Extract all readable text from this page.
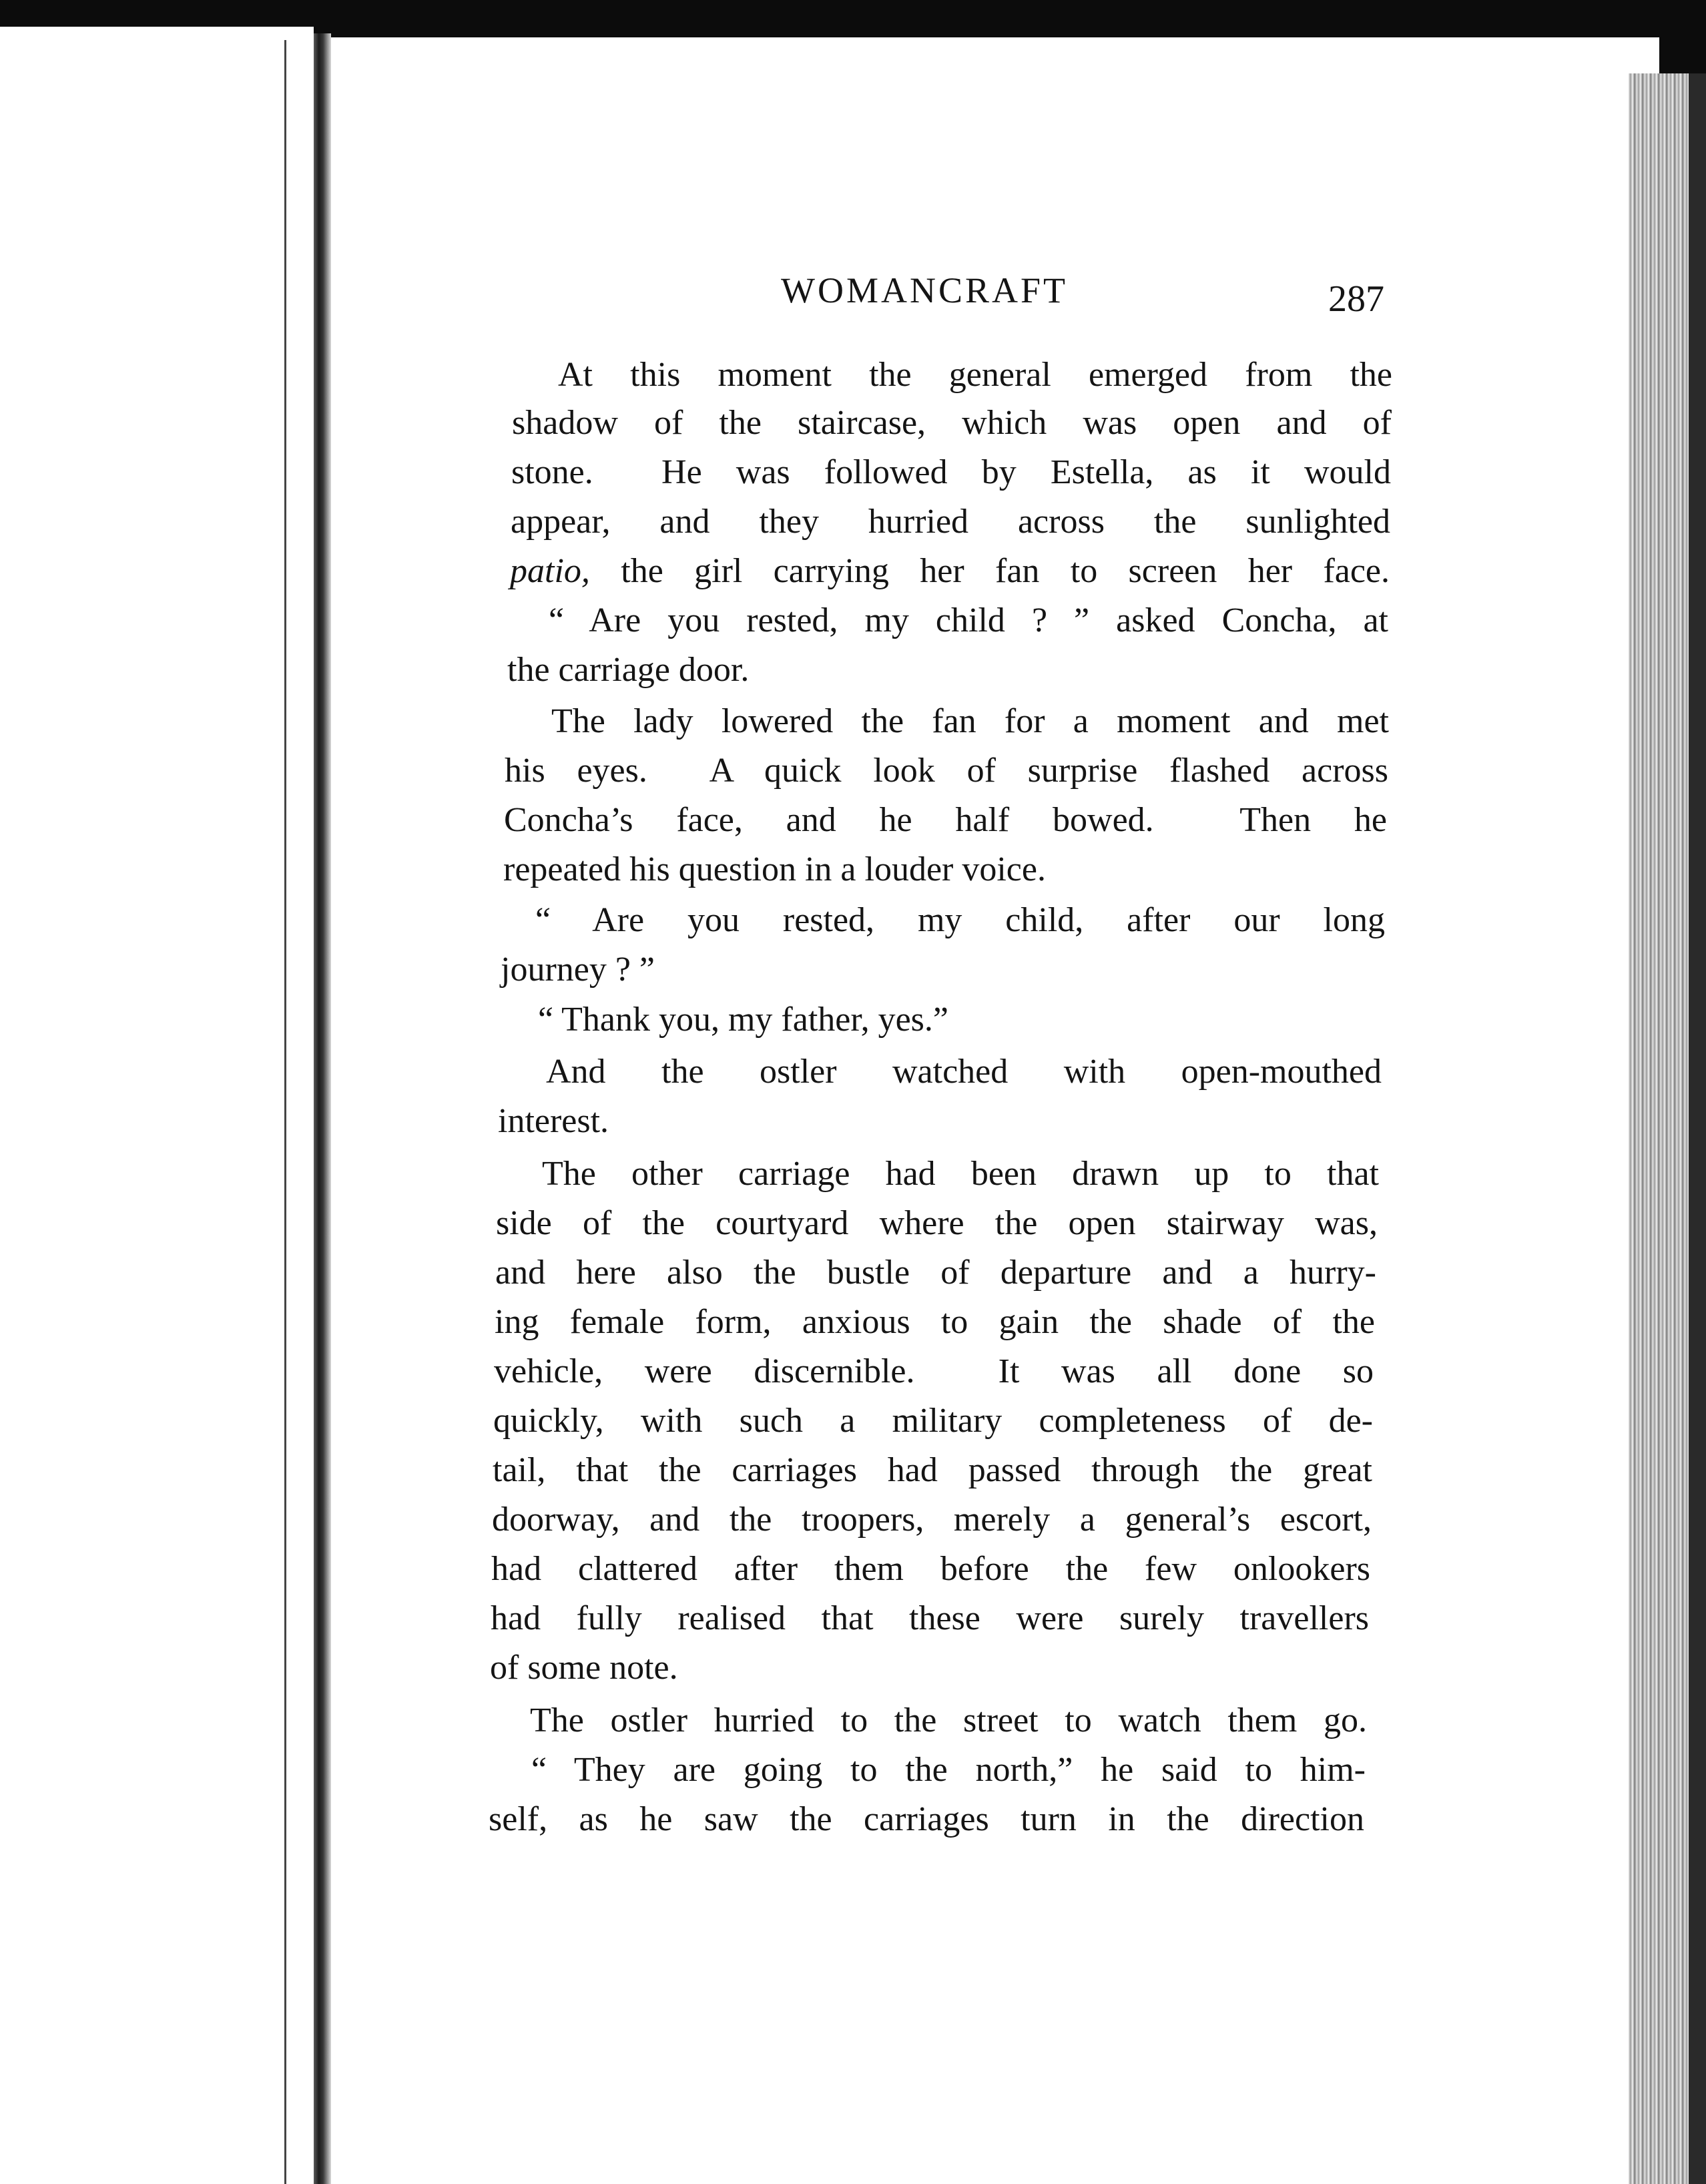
WOMANCRAFT	287

At this moment the general emerged from the

shadow of the staircase, which was open and of

stone.  He was followed by Estella, as it would

appear, and they hurried across the sunlighted

patio, the girl carrying her fan to screen her face.

“ Are you rested, my child ? ” asked Concha, at

the carriage door.

The lady lowered the fan for a moment and met

his eyes.  A quick look of surprise flashed across

Concha’s face, and he half bowed.  Then he

repeated his question in a louder voice.

“ Are you rested, my child, after our long

journey ? ”

“ Thank you, my father, yes.”

And the ostler watched with open-mouthed

interest.

The other carriage had been drawn up to that

side of the courtyard where the open stairway was,

and here also the bustle of departure and a hurry-

ing female form, anxious to gain the shade of the

vehicle, were discernible.  It was all done so

quickly, with such a military completeness of de-

tail, that the carriages had passed through the great

doorway, and the troopers, merely a general’s escort,

had clattered after them before the few onlookers

had fully realised that these were surely travellers

of some note.

The ostler hurried to the street to watch them go.

“ They are going to the north,” he said to him-

self, as he saw the carriages turn in the direction
